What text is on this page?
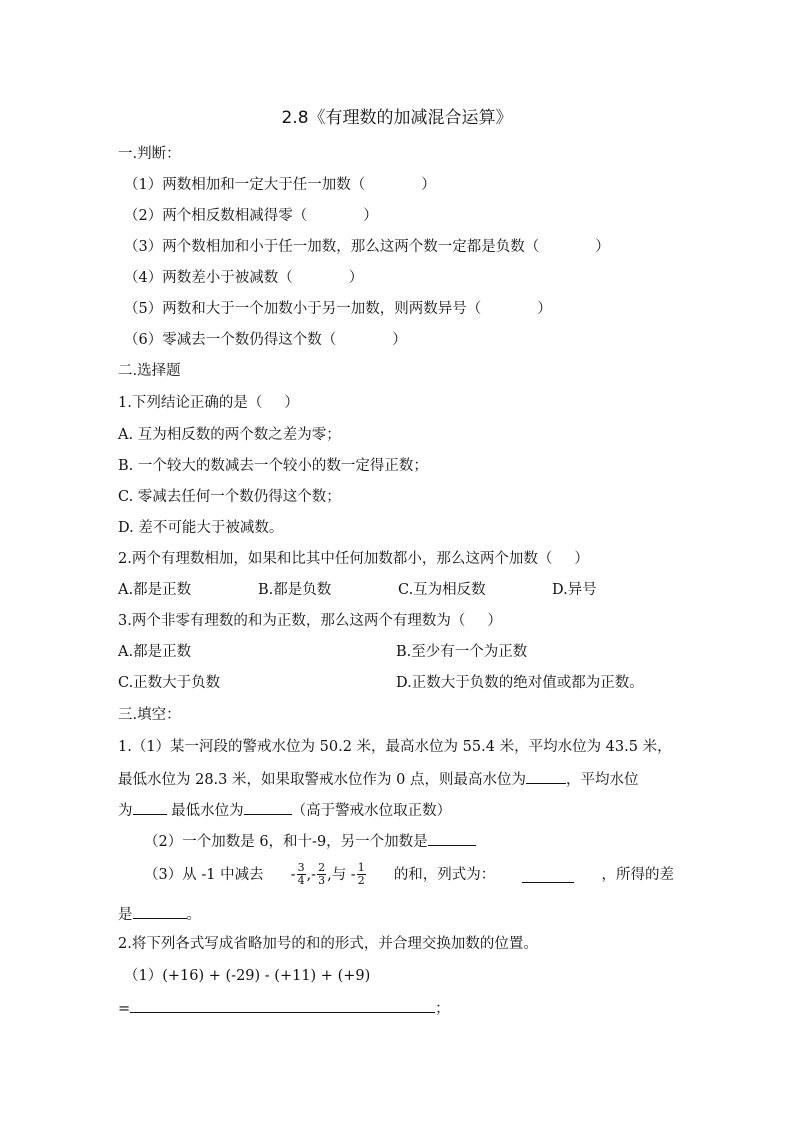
2.8《有理数的加减混合运算》
一.判断：
（1）两数相加和一定大于任一加数（	）
（2）两个相反数相减得零（	）
（3）两个数相加和小于任一加数，那么这两个数一定都是负数（	）
（4）两数差小于被减数（	）
（5）两数和大于一个加数小于另一加数，则两数异号（	）
（6）零减去一个数仍得这个数（	）
二.选择题
1.下列结论正确的是（ ）
A. 互为相反数的两个数之差为零；
B. 一个较大的数减去一个较小的数一定得正数；
C. 零减去任何一个数仍得这个数；
D. 差不可能大于被减数。
2.两个有理数相加，如果和比其中任何加数都小，那么这两个加数（ ）
A.都是正数	B.都是负数	C.互为相反数	D.异号
3.两个非零有理数的和为正数，那么这两个有理数为（ ）
A.都是正数	B.至少有一个为正数
C.正数大于负数	D.正数大于负数的绝对值或都为正数。
三.填空：
1.（1）某一河段的警戒水位为 50.2 米，最高水位为 55.4 米，平均水位为 43.5 米，
最低水位为 28.3 米，如果取警戒水位作为 0 点，则最高水位为	，平均水位
为 最低水位为	（高于警戒水位取正数）
（2）一个加数是 6，和十-9，另一个加数是
（3）从 -1 中减去 - $\frac{3}{4}$ ,- $\frac{2}{3}$ ,与 - $\frac{1}{2}$ 的和，列式为：	，所得的差
是	。
2.将下列各式写成省略加号的和的形式，并合理交换加数的位置。
（1）(+16) + (-29) - (+11) + (+9)
=	；
